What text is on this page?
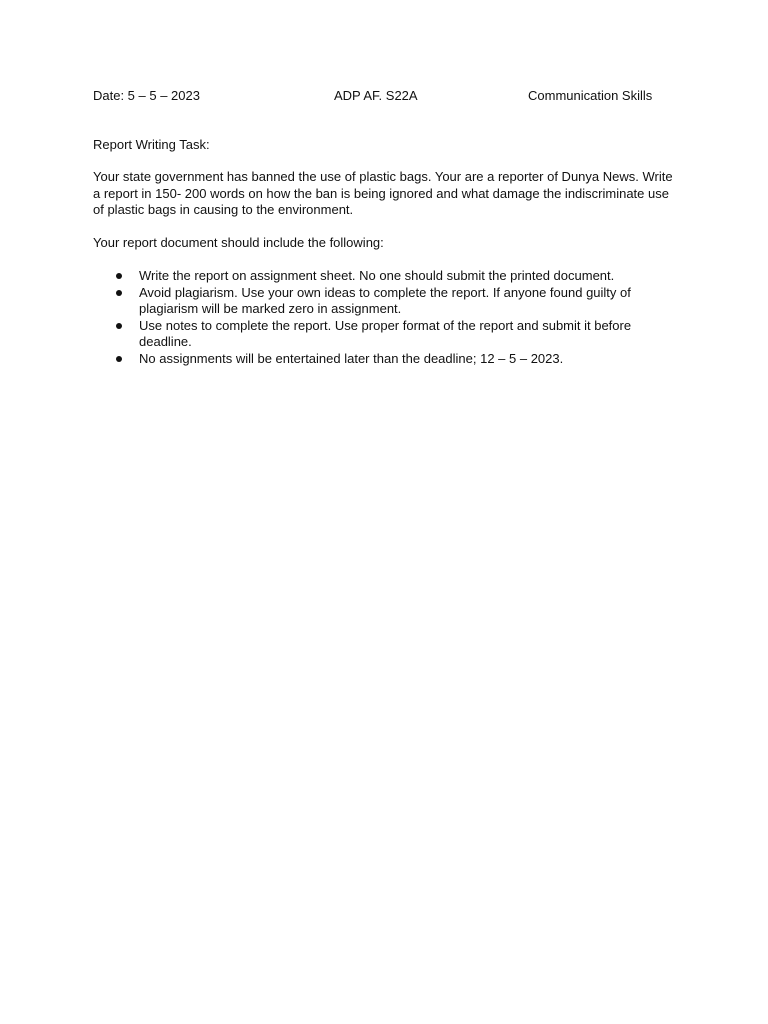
Date: 5 – 5 – 2023	ADP AF. S22A	Communication Skills
Report Writing Task:
Your state government has banned the use of plastic bags. Your are a reporter of Dunya News. Write
a report in 150- 200 words on how the ban is being ignored and what damage the indiscriminate use
of plastic bags in causing to the environment.
Your report document should include the following:
Write the report on assignment sheet. No one should submit the printed document.
Avoid plagiarism. Use your own ideas to complete the report. If anyone found guilty of
plagiarism will be marked zero in assignment.
Use notes to complete the report. Use proper format of the report and submit it before
deadline.
No assignments will be entertained later than the deadline; 12 – 5 – 2023.
